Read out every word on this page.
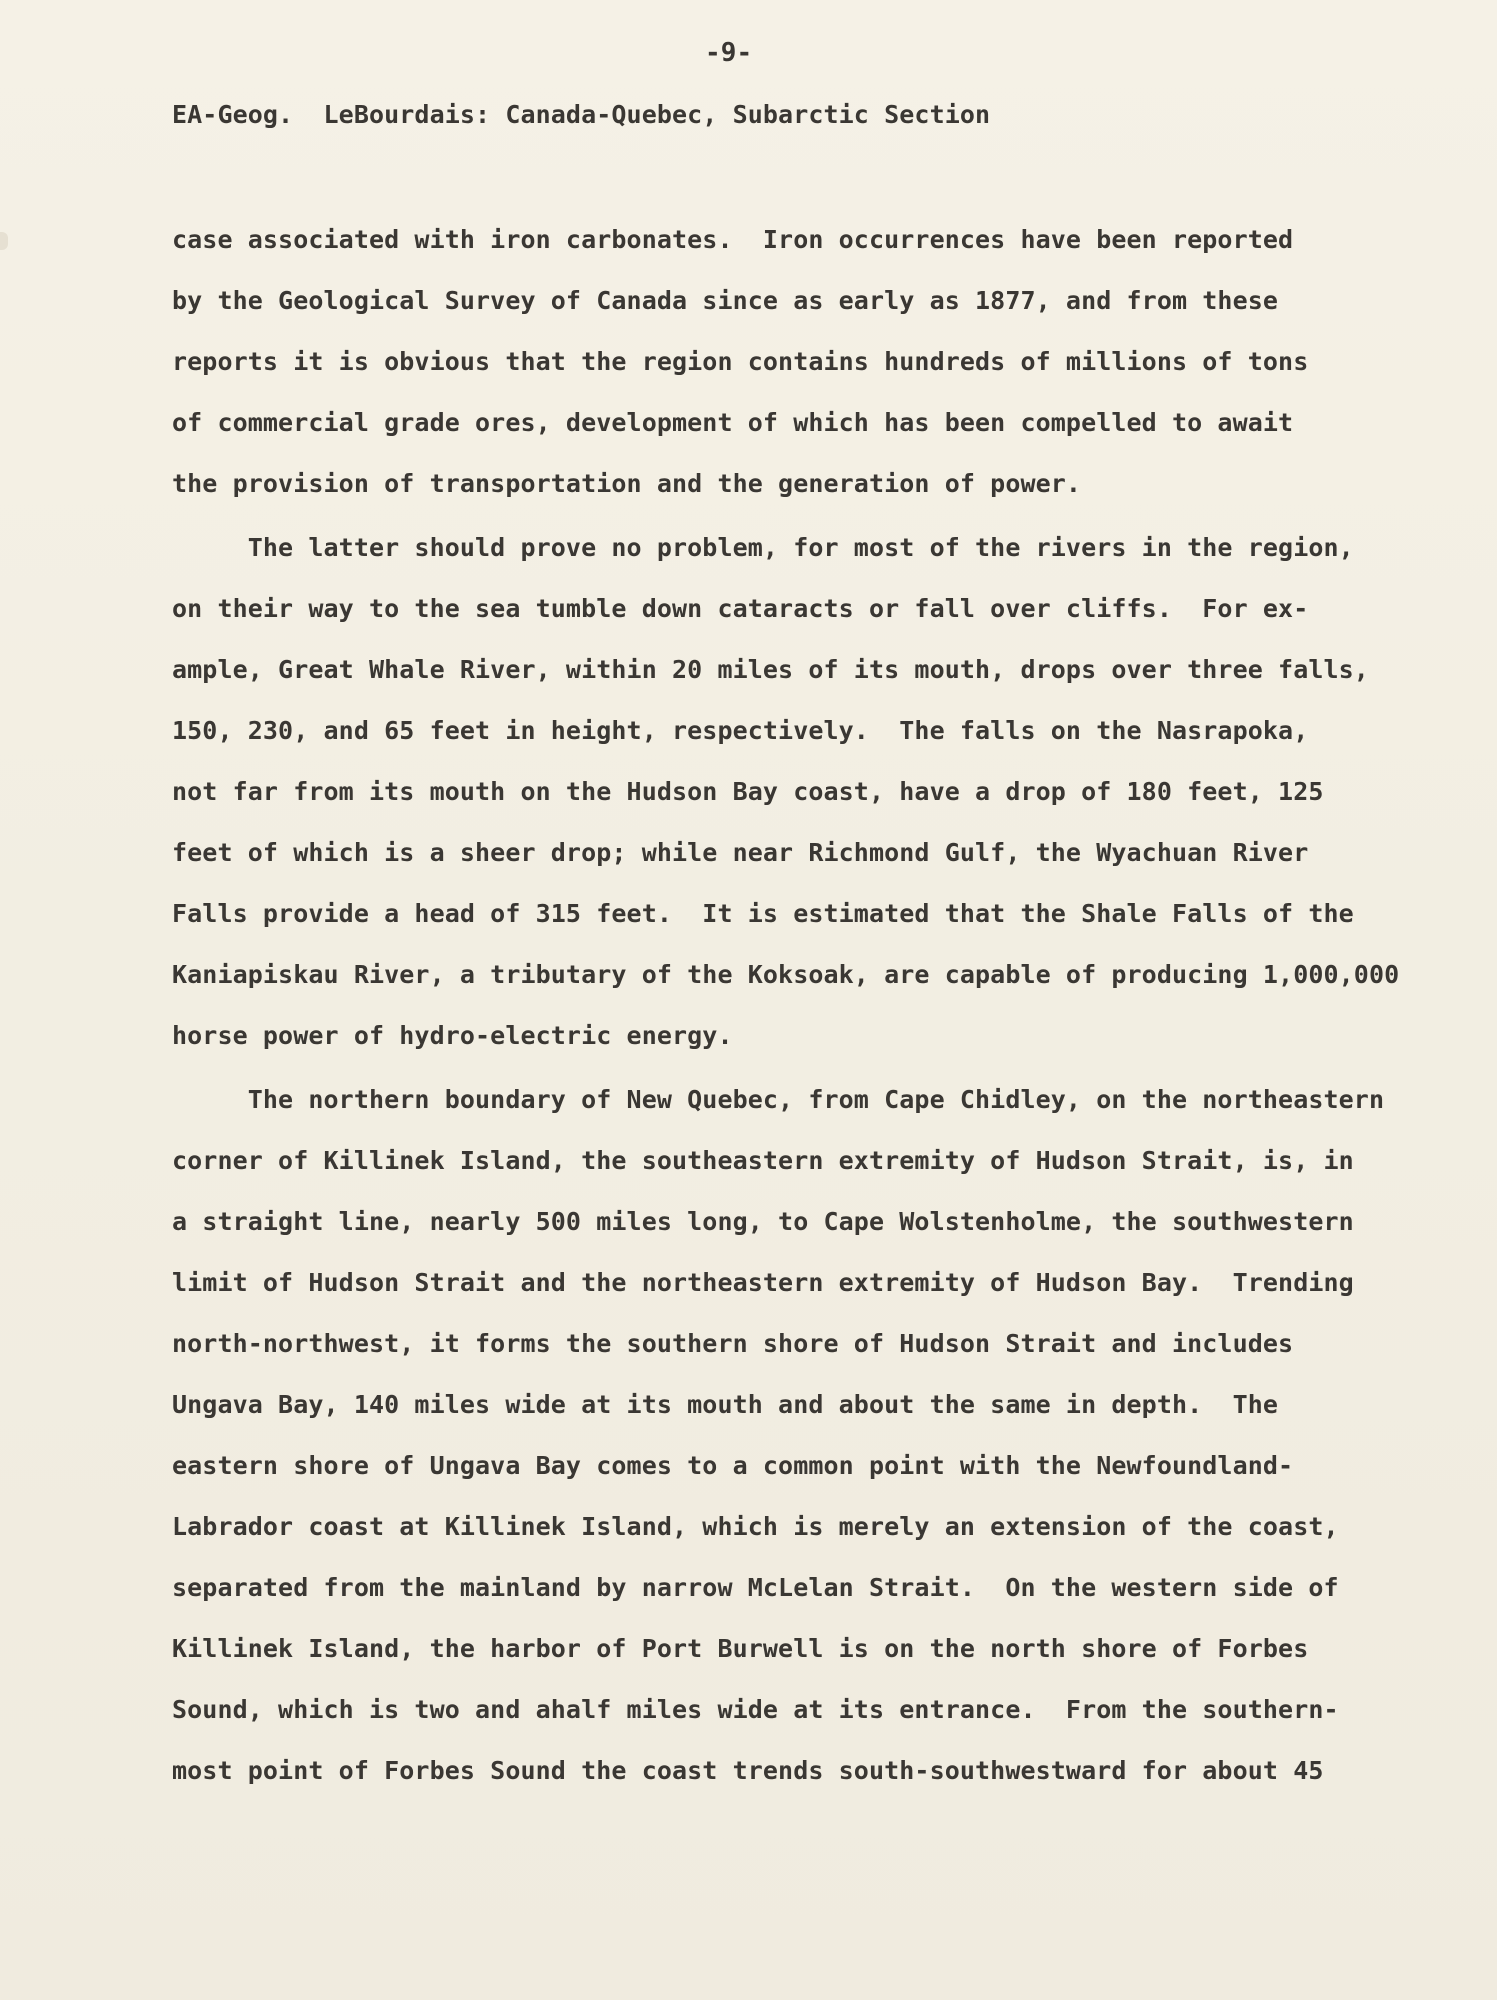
-9-

EA-Geog.  LeBourdais: Canada-Quebec, Subarctic Section

case associated with iron carbonates.  Iron occurrences have been reported

by the Geological Survey of Canada since as early as 1877, and from these

reports it is obvious that the region contains hundreds of millions of tons

of commercial grade ores, development of which has been compelled to await

the provision of transportation and the generation of power.

The latter should prove no problem, for most of the rivers in the region,

on their way to the sea tumble down cataracts or fall over cliffs.  For ex-

ample, Great Whale River, within 20 miles of its mouth, drops over three falls,

150, 230, and 65 feet in height, respectively.  The falls on the Nasrapoka,

not far from its mouth on the Hudson Bay coast, have a drop of 180 feet, 125

feet of which is a sheer drop; while near Richmond Gulf, the Wyachuan River

Falls provide a head of 315 feet.  It is estimated that the Shale Falls of the

Kaniapiskau River, a tributary of the Koksoak, are capable of producing 1,000,000

horse power of hydro-electric energy.

The northern boundary of New Quebec, from Cape Chidley, on the northeastern

corner of Killinek Island, the southeastern extremity of Hudson Strait, is, in

a straight line, nearly 500 miles long, to Cape Wolstenholme, the southwestern

limit of Hudson Strait and the northeastern extremity of Hudson Bay.  Trending

north-northwest, it forms the southern shore of Hudson Strait and includes

Ungava Bay, 140 miles wide at its mouth and about the same in depth.  The

eastern shore of Ungava Bay comes to a common point with the Newfoundland-

Labrador coast at Killinek Island, which is merely an extension of the coast,

separated from the mainland by narrow McLelan Strait.  On the western side of

Killinek Island, the harbor of Port Burwell is on the north shore of Forbes

Sound, which is two and ahalf miles wide at its entrance.  From the southern-

most point of Forbes Sound the coast trends south-southwestward for about 45
